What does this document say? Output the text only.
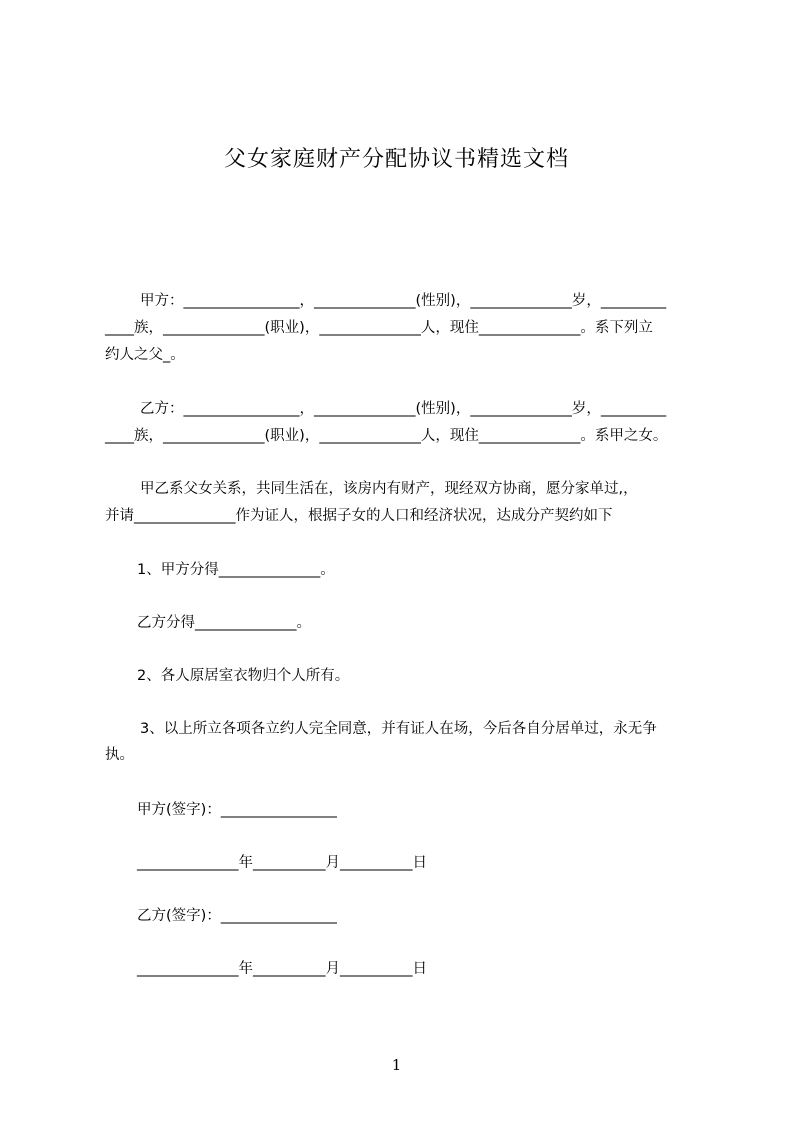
父女家庭财产分配协议书精选文档
甲方：________________，______________(性别)，______________岁，_________
____族，______________(职业)，______________人，现住______________。系下列立
约人之父_。
乙方：________________，______________(性别)，______________岁，_________
____族，______________(职业)，______________人，现住______________。系甲之女。
甲乙系父女关系，共同生活在，该房内有财产，现经双方协商，愿分家单过,，
并请______________作为证人，根据子女的人口和经济状况，达成分产契约如下
1、甲方分得______________。
乙方分得______________。
2、各人原居室衣物归个人所有。
3、以上所立各项各立约人完全同意，并有证人在场，今后各自分居单过，永无争
执。
甲方(签字)：________________
______________年__________月__________日
乙方(签字)：________________
______________年__________月__________日
1
